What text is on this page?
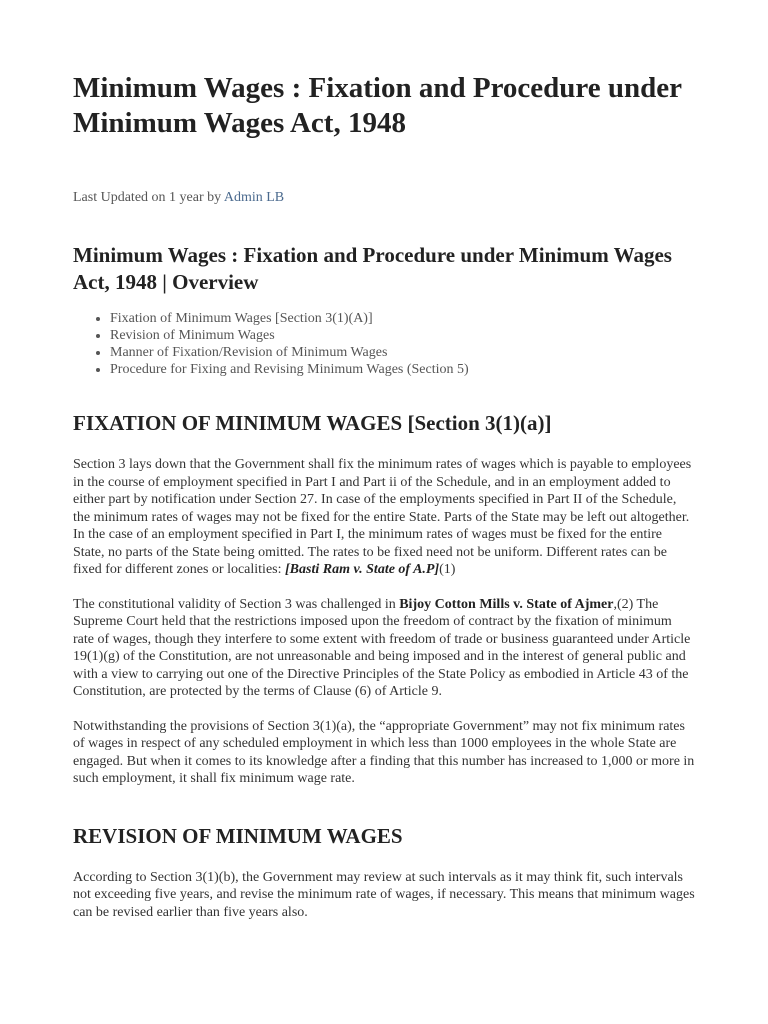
Minimum Wages : Fixation and Procedure under Minimum Wages Act, 1948
Last Updated on 1 year by Admin LB
Minimum Wages : Fixation and Procedure under Minimum Wages Act, 1948 | Overview
• Fixation of Minimum Wages [Section 3(1)(A)]
• Revision of Minimum Wages
• Manner of Fixation/Revision of Minimum Wages
• Procedure for Fixing and Revising Minimum Wages (Section 5)
FIXATION OF MINIMUM WAGES [Section 3(1)(a)]

Section 3 lays down that the Government shall fix the minimum rates of wages which is payable to employees in the course of employment specified in Part I and Part ii of the Schedule, and in an employment added to either part by notification under Section 27. In case of the employments specified in Part II of the Schedule, the minimum rates of wages may not be fixed for the entire State. Parts of the State may be left out altogether. In the case of an employment specified in Part I, the minimum rates of wages must be fixed for the entire State, no parts of the State being omitted. The rates to be fixed need not be uniform. Different rates can be fixed for different zones or localities: [Basti Ram v. State of A.P](1)

The constitutional validity of Section 3 was challenged in Bijoy Cotton Mills v. State of Ajmer,(2) The Supreme Court held that the restrictions imposed upon the freedom of contract by the fixation of minimum rate of wages, though they interfere to some extent with freedom of trade or business guaranteed under Article 19(1)(g) of the Constitution, are not unreasonable and being imposed and in the interest of general public and with a view to carrying out one of the Directive Principles of the State Policy as embodied in Article 43 of the Constitution, are protected by the terms of Clause (6) of Article 9.

Notwithstanding the provisions of Section 3(1)(a), the “appropriate Government” may not fix minimum rates of wages in respect of any scheduled employment in which less than 1000 employees in the whole State are engaged. But when it comes to its knowledge after a finding that this number has increased to 1,000 or more in such employment, it shall fix minimum wage rate.

REVISION OF MINIMUM WAGES

According to Section 3(1)(b), the Government may review at such intervals as it may think fit, such intervals not exceeding five years, and revise the minimum rate of wages, if necessary. This means that minimum wages can be revised earlier than five years also.
